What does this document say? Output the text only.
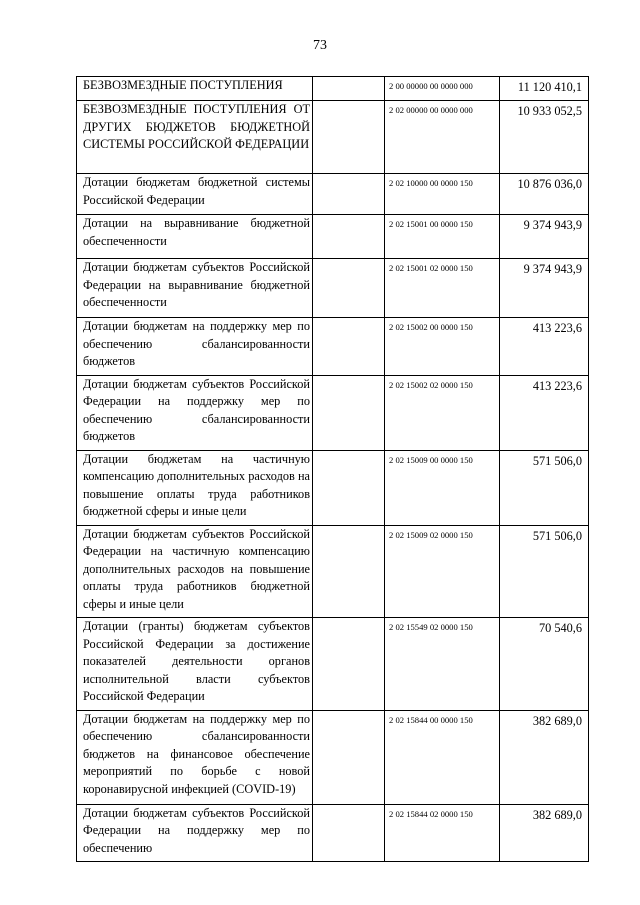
73
БЕЗВОЗМЕЗДНЫЕ ПОСТУПЛЕНИЯ		2 00 00000 00 0000 000	11 120 410,1
БЕЗВОЗМЕЗДНЫЕ ПОСТУПЛЕНИЯ ОТ ДРУГИХ БЮДЖЕТОВ БЮДЖЕТНОЙ СИСТЕМЫ РОССИЙСКОЙ ФЕДЕРАЦИИ		2 02 00000 00 0000 000	10 933 052,5
Дотации бюджетам бюджетной системы Российской Федерации		2 02 10000 00 0000 150	10 876 036,0
Дотации на выравнивание бюджетной обеспеченности		2 02 15001 00 0000 150	9 374 943,9
Дотации бюджетам субъектов Российской Федерации на выравнивание бюджетной обеспеченности		2 02 15001 02 0000 150	9 374 943,9
Дотации бюджетам на поддержку мер по обеспечению сбалансированности бюджетов		2 02 15002 00 0000 150	413 223,6
Дотации бюджетам субъектов Российской Федерации на поддержку мер по обеспечению сбалансированности бюджетов		2 02 15002 02 0000 150	413 223,6
Дотации бюджетам на частичную компенсацию дополнительных расходов на повышение оплаты труда работников бюджетной сферы и иные цели		2 02 15009 00 0000 150	571 506,0
Дотации бюджетам субъектов Российской Федерации на частичную компенсацию дополнительных расходов на повышение оплаты труда работников бюджетной сферы и иные цели		2 02 15009 02 0000 150	571 506,0
Дотации (гранты) бюджетам субъектов Российской Федерации за достижение показателей деятельности органов исполнительной власти субъектов Российской Федерации		2 02 15549 02 0000 150	70 540,6
Дотации бюджетам на поддержку мер по обеспечению сбалансированности бюджетов на финансовое обеспечение мероприятий по борьбе с новой коронавирусной инфекцией (COVID-19)		2 02 15844 00 0000 150	382 689,0
Дотации бюджетам субъектов Российской Федерации на поддержку мер по обеспечению		2 02 15844 02 0000 150	382 689,0
